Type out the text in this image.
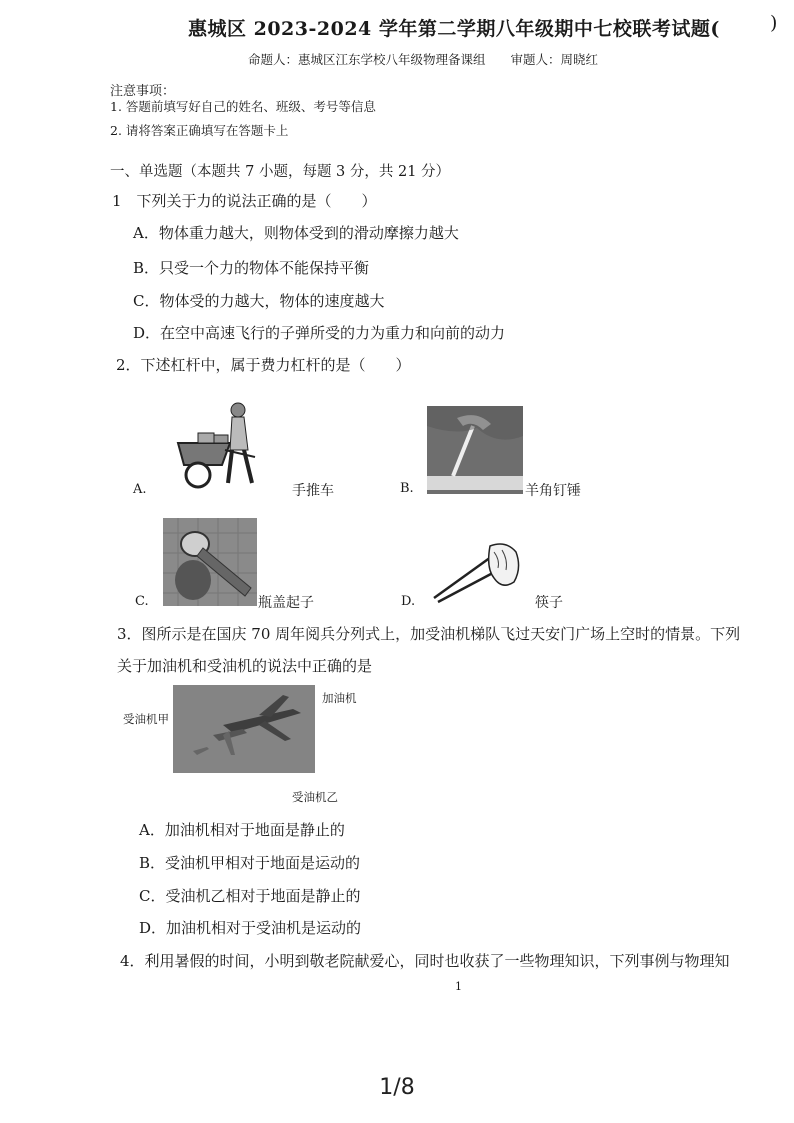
惠城区 2023-2024 学年第二学期八年级期中七校联考试题(	)
命题人：惠城区江东学校八年级物理备课组　　审题人：周晓红
注意事项：
1. 答题前填写好自己的姓名、班级、考号等信息
2. 请将答案正确填写在答题卡上
一、单选题（本题共 7 小题，每题 3 分，共 21 分）
1　下列关于力的说法正确的是（　　）
A．物体重力越大，则物体受到的滑动摩擦力越大
B．只受一个力的物体不能保持平衡
C．物体受的力越大，物体的速度越大
D．在空中高速飞行的子弹所受的力为重力和向前的动力
2．下述杠杆中，属于费力杠杆的是（　　）
A.	手推车	B.	羊角钉锤
C.	瓶盖起子	D.	筷子
3．图所示是在国庆 70 周年阅兵分列式上，加受油机梯队飞过天安门广场上空时的情景。下列
关于加油机和受油机的说法中正确的是
受油机甲
加油机
受油机乙
A．加油机相对于地面是静止的
B．受油机甲相对于地面是运动的
C．受油机乙相对于地面是静止的
D．加油机相对于受油机是运动的
4．利用暑假的时间，小明到敬老院献爱心，同时也收获了一些物理知识，下列事例与物理知
1
1/8
